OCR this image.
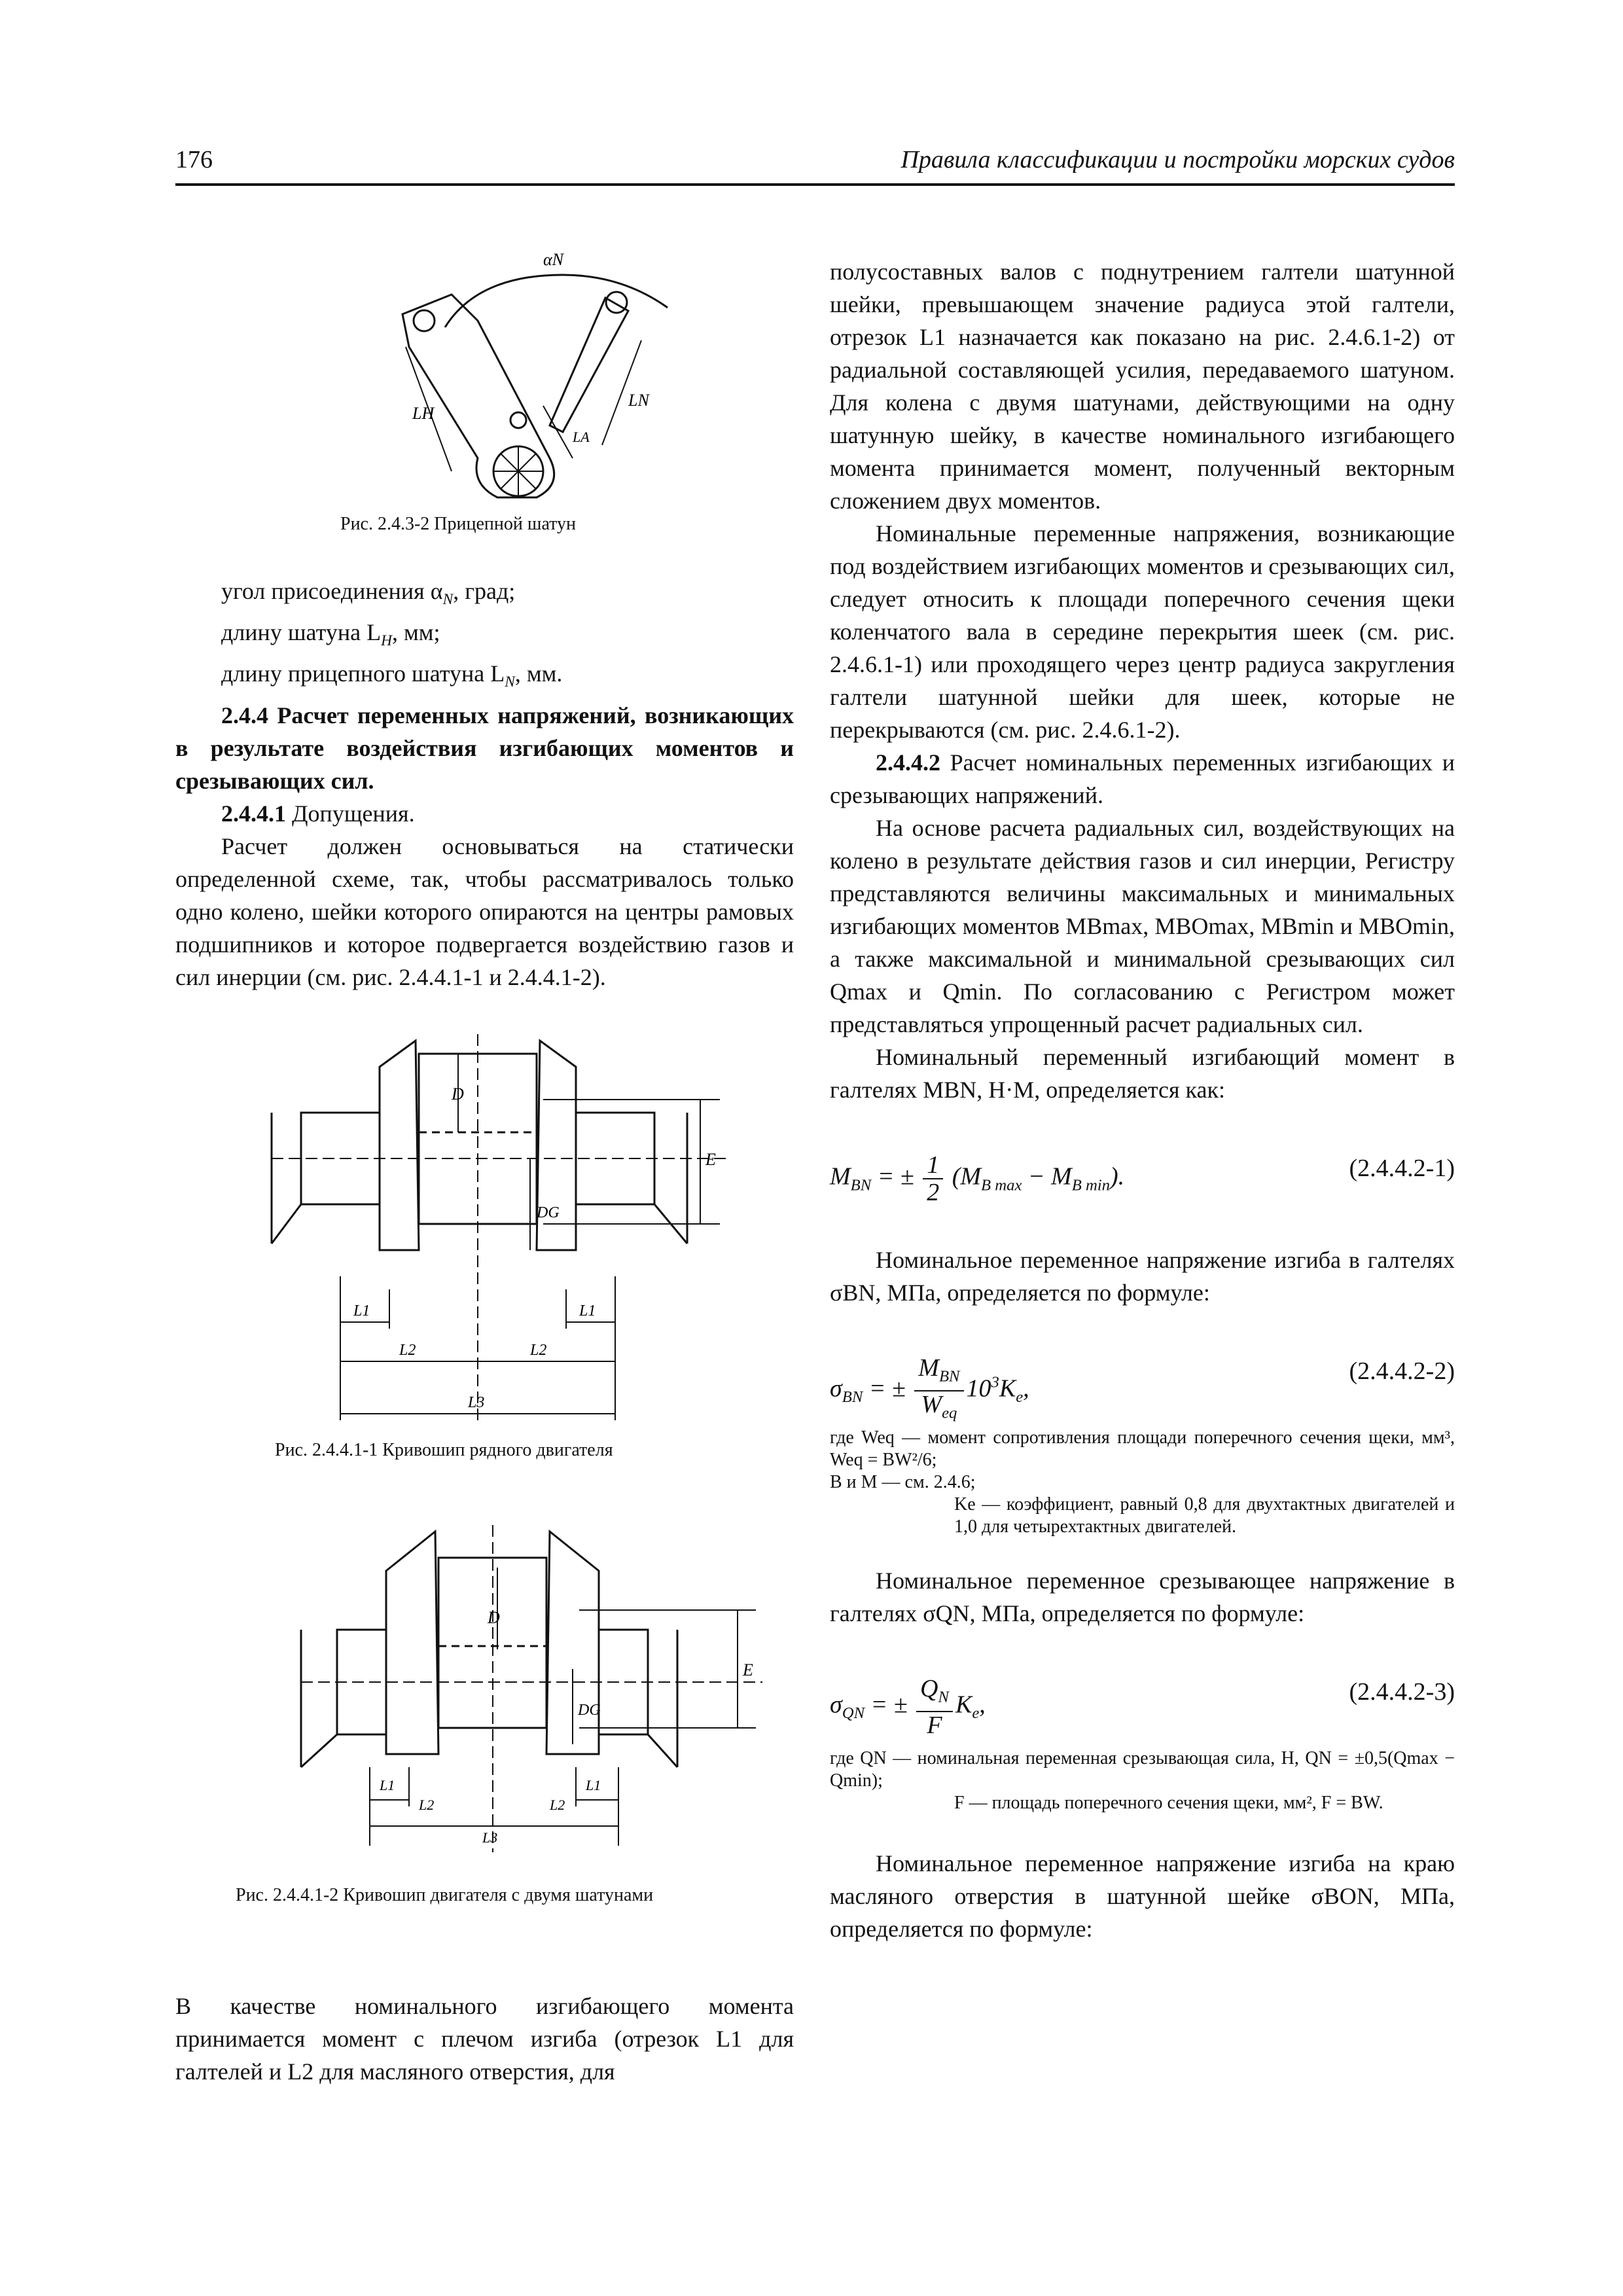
176	Правила классификации и постройки морских судов
αN
LH
LN
LA
Рис. 2.4.3-2 Прицепной шатун

угол присоединения $\alpha_N$, град;

длину шатуна $L_H$, мм;

длину прицепного шатуна $L_N$, мм.

2.4.4 Расчет переменных напряжений, возникающих в результате воздействия изгибающих моментов и срезывающих сил.

2.4.4.1 Допущения.

Расчет должен основываться на статически определенной схеме, так, чтобы рассматривалось только одно колено, шейки которого опираются на центры рамовых подшипников и которое подвергается воздействию газов и сил инерции (см. рис. 2.4.4.1-1 и 2.4.4.1-2).

D
E
DG
L1	L1
L2	L2
L3
Рис. 2.4.4.1-1 Кривошип рядного двигателя
D
E
DG
L1	L1
L2	L2
L3
Рис. 2.4.4.1-2 Кривошип двигателя с двумя шатунами
В качестве номинального изгибающего момента принимается момент с плечом изгиба (отрезок L1 для галтелей и L2 для масляного отверстия, для

полусоставных валов с поднутрением галтели шатунной шейки, превышающем значение радиуса этой галтели, отрезок L1 назначается как показано на рис. 2.4.6.1-2) от радиальной составляющей усилия, передаваемого шатуном. Для колена с двумя шатунами, действующими на одну шатунную шейку, в качестве номинального изгибающего момента принимается момент, полученный векторным сложением двух моментов.

Номинальные переменные напряжения, возникающие под воздействием изгибающих моментов и срезывающих сил, следует относить к площади поперечного сечения щеки коленчатого вала в середине перекрытия шеек (см. рис. 2.4.6.1-1) или проходящего через центр радиуса закругления галтели шатунной шейки для шеек, которые не перекрываются (см. рис. 2.4.6.1-2).

2.4.4.2 Расчет номинальных переменных изгибающих и срезывающих напряжений.

На основе расчета радиальных сил, воздействующих на колено в результате действия газов и сил инерции, Регистру представляются величины максимальных и минимальных изгибающих моментов MBmax, MBOmax, MBmin и MBOmin, а также максимальной и минимальной срезывающих сил Qmax и Qmin. По согласованию с Регистром может представляться упрощенный расчет радиальных сил.

Номинальный переменный изгибающий момент в галтелях MBN, Н·М, определяется как:

$M_{BN}$ = ± $\frac{1}{2} (M_{B max} - M_{B min})$.	(2.4.4.2-1)

Номинальное переменное напряжение изгиба в галтелях σBN, МПа, определяется по формуле:

$\sigma_{BN}$ = ± $\frac{M_{BN}}{W_{eq}} 10^3K_e$,
(2.4.4.2-2)

где Weq — момент сопротивления площади поперечного сечения щеки, мм³, Weq = BW²/6;

B и M — см. 2.4.6;

Ke — коэффициент, равный 0,8 для двухтактных двигателей и 1,0 для четырехтактных двигателей.

Номинальное переменное срезывающее напряжение в галтелях σQN, МПа, определяется по формуле:

$\sigma_{QN}$ = ± $\frac{Q_N}{F} K_e$,	(2.4.4.2-3)

где QN — номинальная переменная срезывающая сила, Н, QN = ±0,5(Qmax − Qmin);

F — площадь поперечного сечения щеки, мм², F = BW.

Номинальное переменное напряжение изгиба на краю масляного отверстия в шатунной шейке σBON, МПа, определяется по формуле:
